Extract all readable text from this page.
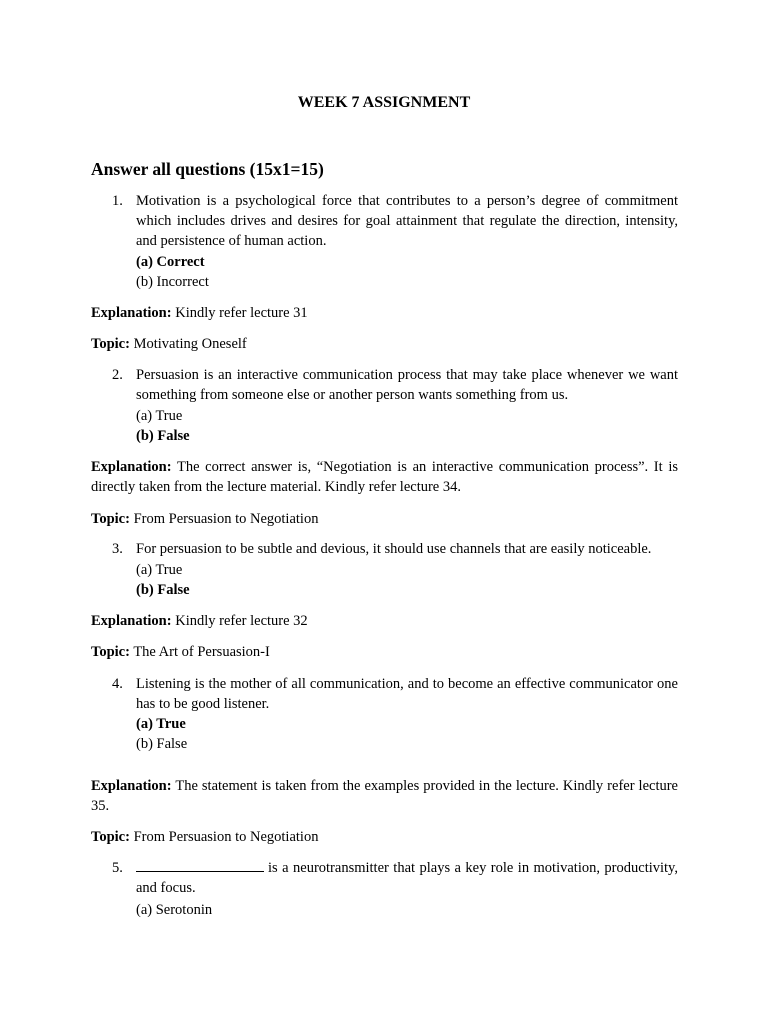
WEEK 7 ASSIGNMENT
Answer all questions (15x1=15)
1. Motivation is a psychological force that contributes to a person’s degree of commitment which includes drives and desires for goal attainment that regulate the direction, intensity, and persistence of human action.
(a) Correct
(b) Incorrect
Explanation: Kindly refer lecture 31
Topic: Motivating Oneself
2. Persuasion is an interactive communication process that may take place whenever we want something from someone else or another person wants something from us.
(a) True
(b) False
Explanation: The correct answer is, “Negotiation is an interactive communication process”. It is directly taken from the lecture material. Kindly refer lecture 34.
Topic: From Persuasion to Negotiation
3. For persuasion to be subtle and devious, it should use channels that are easily noticeable.
(a) True
(b) False
Explanation: Kindly refer lecture 32
Topic: The Art of Persuasion-I
4. Listening is the mother of all communication, and to become an effective communicator one has to be good listener.
(a) True
(b) False
Explanation: The statement is taken from the examples provided in the lecture. Kindly refer lecture 35.
Topic: From Persuasion to Negotiation
5.	is a neurotransmitter that plays a key role in motivation, productivity, and focus.
(a) Serotonin
